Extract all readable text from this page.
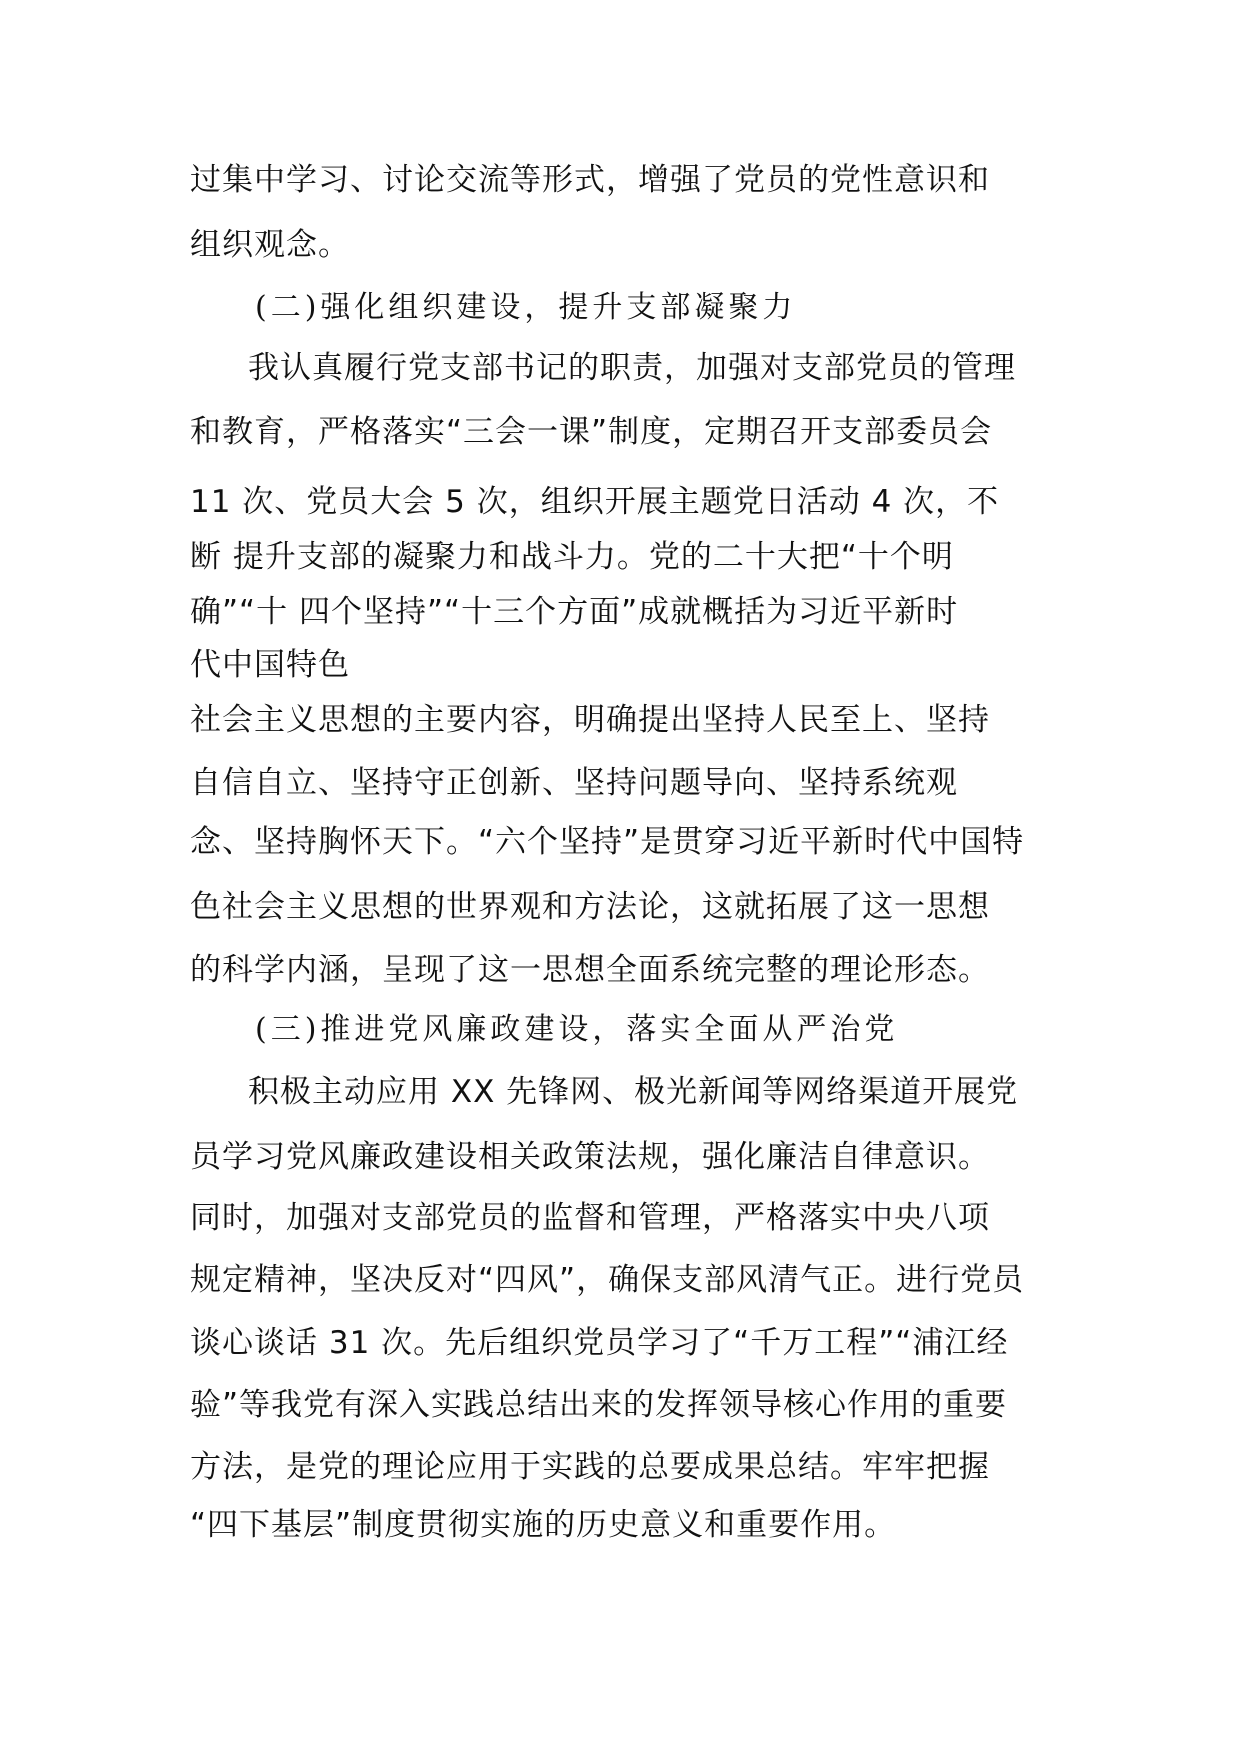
过集中学习、讨论交流等形式，增强了党员的党性意识和
组织观念。
(二)强化组织建设，提升支部凝聚力
我认真履行党支部书记的职责，加强对支部党员的管理
和教育，严格落实“三会一课”制度，定期召开支部委员会
11 次、党员大会 5 次，组织开展主题党日活动 4 次，不
断 提升支部的凝聚力和战斗力。党的二十大把“十个明
确”“十 四个坚持”“十三个方面”成就概括为习近平新时
代中国特色
社会主义思想的主要内容，明确提出坚持人民至上、坚持
自信自立、坚持守正创新、坚持问题导向、坚持系统观
念、坚持胸怀天下。“六个坚持”是贯穿习近平新时代中国特
色社会主义思想的世界观和方法论，这就拓展了这一思想
的科学内涵，呈现了这一思想全面系统完整的理论形态。
(三)推进党风廉政建设，落实全面从严治党
积极主动应用 XX 先锋网、极光新闻等网络渠道开展党
员学习党风廉政建设相关政策法规，强化廉洁自律意识。
同时，加强对支部党员的监督和管理，严格落实中央八项
规定精神，坚决反对“四风”，确保支部风清气正。进行党员
谈心谈话 31 次。先后组织党员学习了“千万工程”“浦江经
验”等我党有深入实践总结出来的发挥领导核心作用的重要
方法，是党的理论应用于实践的总要成果总结。牢牢把握
“四下基层”制度贯彻实施的历史意义和重要作用。
